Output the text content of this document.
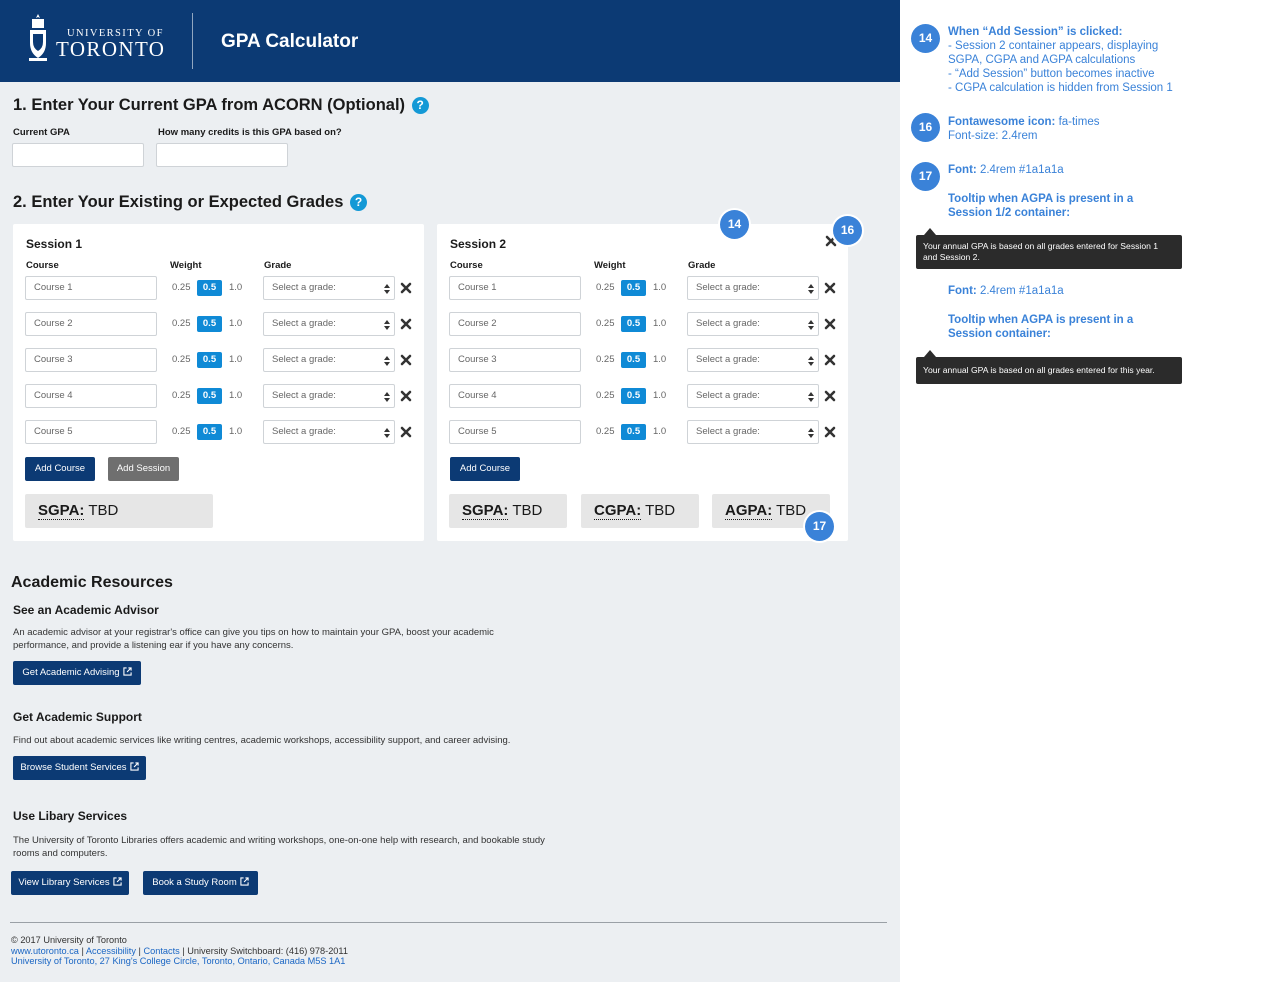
UNIVERSITY OF
TORONTO	GPA Calculator
1. Enter Your Current GPA from ACORN (Optional) ?
Current GPA	How many credits is this GPA based on?
2. Enter Your Existing or Expected Grades ?
Session 1
Course	Weight	Grade
Course 1	0.25	0.5	1.0	Select a grade:
Course 2	0.25	0.5	1.0	Select a grade:
Course 3	0.25	0.5	1.0	Select a grade:
Course 4	0.25	0.5	1.0	Select a grade:
Course 5	0.25	0.5	1.0	Select a grade:
Add Course	Add Session
SGPA: TBD
Session 2
Course	Weight	Grade
Course 1	0.25	0.5	1.0	Select a grade:
Course 2	0.25	0.5	1.0	Select a grade:
Course 3	0.25	0.5	1.0	Select a grade:
Course 4	0.25	0.5	1.0	Select a grade:
Course 5	0.25	0.5	1.0	Select a grade:
Add Course
SGPA: TBD	CGPA: TBD	AGPA: TBD
14	16
17
Academic Resources
See an Academic Advisor
An academic advisor at your registrar's office can give you tips on how to maintain your GPA, boost your academic
performance, and provide a listening ear if you have any concerns.
Get Academic Advising
Get Academic Support
Find out about academic services like writing centres, academic workshops, accessibility support, and career advising.
Browse Student Services
Use Libary Services
The University of Toronto Libraries offers academic and writing workshops, one-on-one help with research, and bookable study
rooms and computers.
View Library Services	Book a Study Room
© 2017 University of Toronto
www.utoronto.ca | Accessibility | Contacts | University Switchboard: (416) 978-2011
University of Toronto, 27 King's College Circle, Toronto, Ontario, Canada M5S 1A1
14	When “Add Session” is clicked:
- Session 2 container appears, displaying
SGPA, CGPA and AGPA calculations
- “Add Session” button becomes inactive
- CGPA calculation is hidden from Session 1
16	Fontawesome icon: fa-times
Font-size: 2.4rem
17	Font: 2.4rem #1a1a1a
Tooltip when AGPA is present in a
Session 1/2 container:
Your annual GPA is based on all grades entered for Session 1
and Session 2.
Font: 2.4rem #1a1a1a
Tooltip when AGPA is present in a
Session container:
Your annual GPA is based on all grades entered for this year.
